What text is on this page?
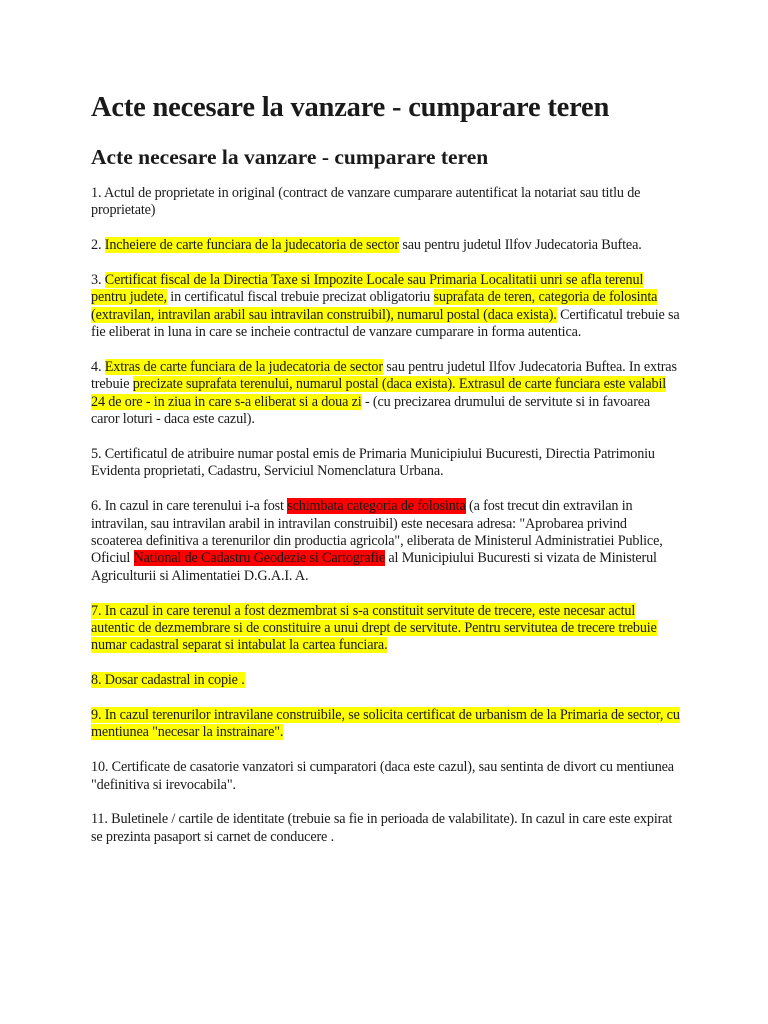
Acte necesare la vanzare - cumparare teren
Acte necesare la vanzare - cumparare teren

1. Actul de proprietate in original (contract de vanzare cumparare autentificat la notariat sau titlu de proprietate)

2. Incheiere de carte funciara de la judecatoria de sector sau pentru judetul Ilfov Judecatoria Buftea.

3. Certificat fiscal de la Directia Taxe si Impozite Locale sau Primaria Localitatii unri se afla terenul pentru judete, in certificatul fiscal trebuie precizat obligatoriu suprafata de teren, categoria de folosinta (extravilan, intravilan arabil sau intravilan construibil), numarul postal (daca exista). Certificatul trebuie sa fie eliberat in luna in care se incheie contractul de vanzare cumparare in forma autentica.

4. Extras de carte funciara de la judecatoria de sector sau pentru judetul Ilfov Judecatoria Buftea. In extras trebuie precizate suprafata terenului, numarul postal (daca exista). Extrasul de carte funciara este valabil 24 de ore - in ziua in care s-a eliberat si a doua zi - (cu precizarea drumului de servitute si in favoarea caror loturi - daca este cazul).

5. Certificatul de atribuire numar postal emis de Primaria Municipiului Bucuresti, Directia Patrimoniu Evidenta proprietati, Cadastru, Serviciul Nomenclatura Urbana.

6. In cazul in care terenului i-a fost schimbata categoria de folosinta (a fost trecut din extravilan in intravilan, sau intravilan arabil in intravilan construibil) este necesara adresa: "Aprobarea privind scoaterea definitiva a terenurilor din productia agricola", eliberata de Ministerul Administratiei Publice, Oficiul National de Cadastru Geodezie si Cartografie al Municipiului Bucuresti si vizata de Ministerul Agriculturii si Alimentatiei D.G.A.I. A.

7. In cazul in care terenul a fost dezmembrat si s-a constituit servitute de trecere, este necesar actul autentic de dezmembrare si de constituire a unui drept de servitute. Pentru servitutea de trecere trebuie numar cadastral separat si intabulat la cartea funciara.

8. Dosar cadastral in copie .

9. In cazul terenurilor intravilane construibile, se solicita certificat de urbanism de la Primaria de sector, cu mentiunea "necesar la instrainare".

10. Certificate de casatorie vanzatori si cumparatori (daca este cazul), sau sentinta de divort cu mentiunea "definitiva si irevocabila".

11. Buletinele / cartile de identitate (trebuie sa fie in perioada de valabilitate). In cazul in care este expirat se prezinta pasaport si carnet de conducere .
